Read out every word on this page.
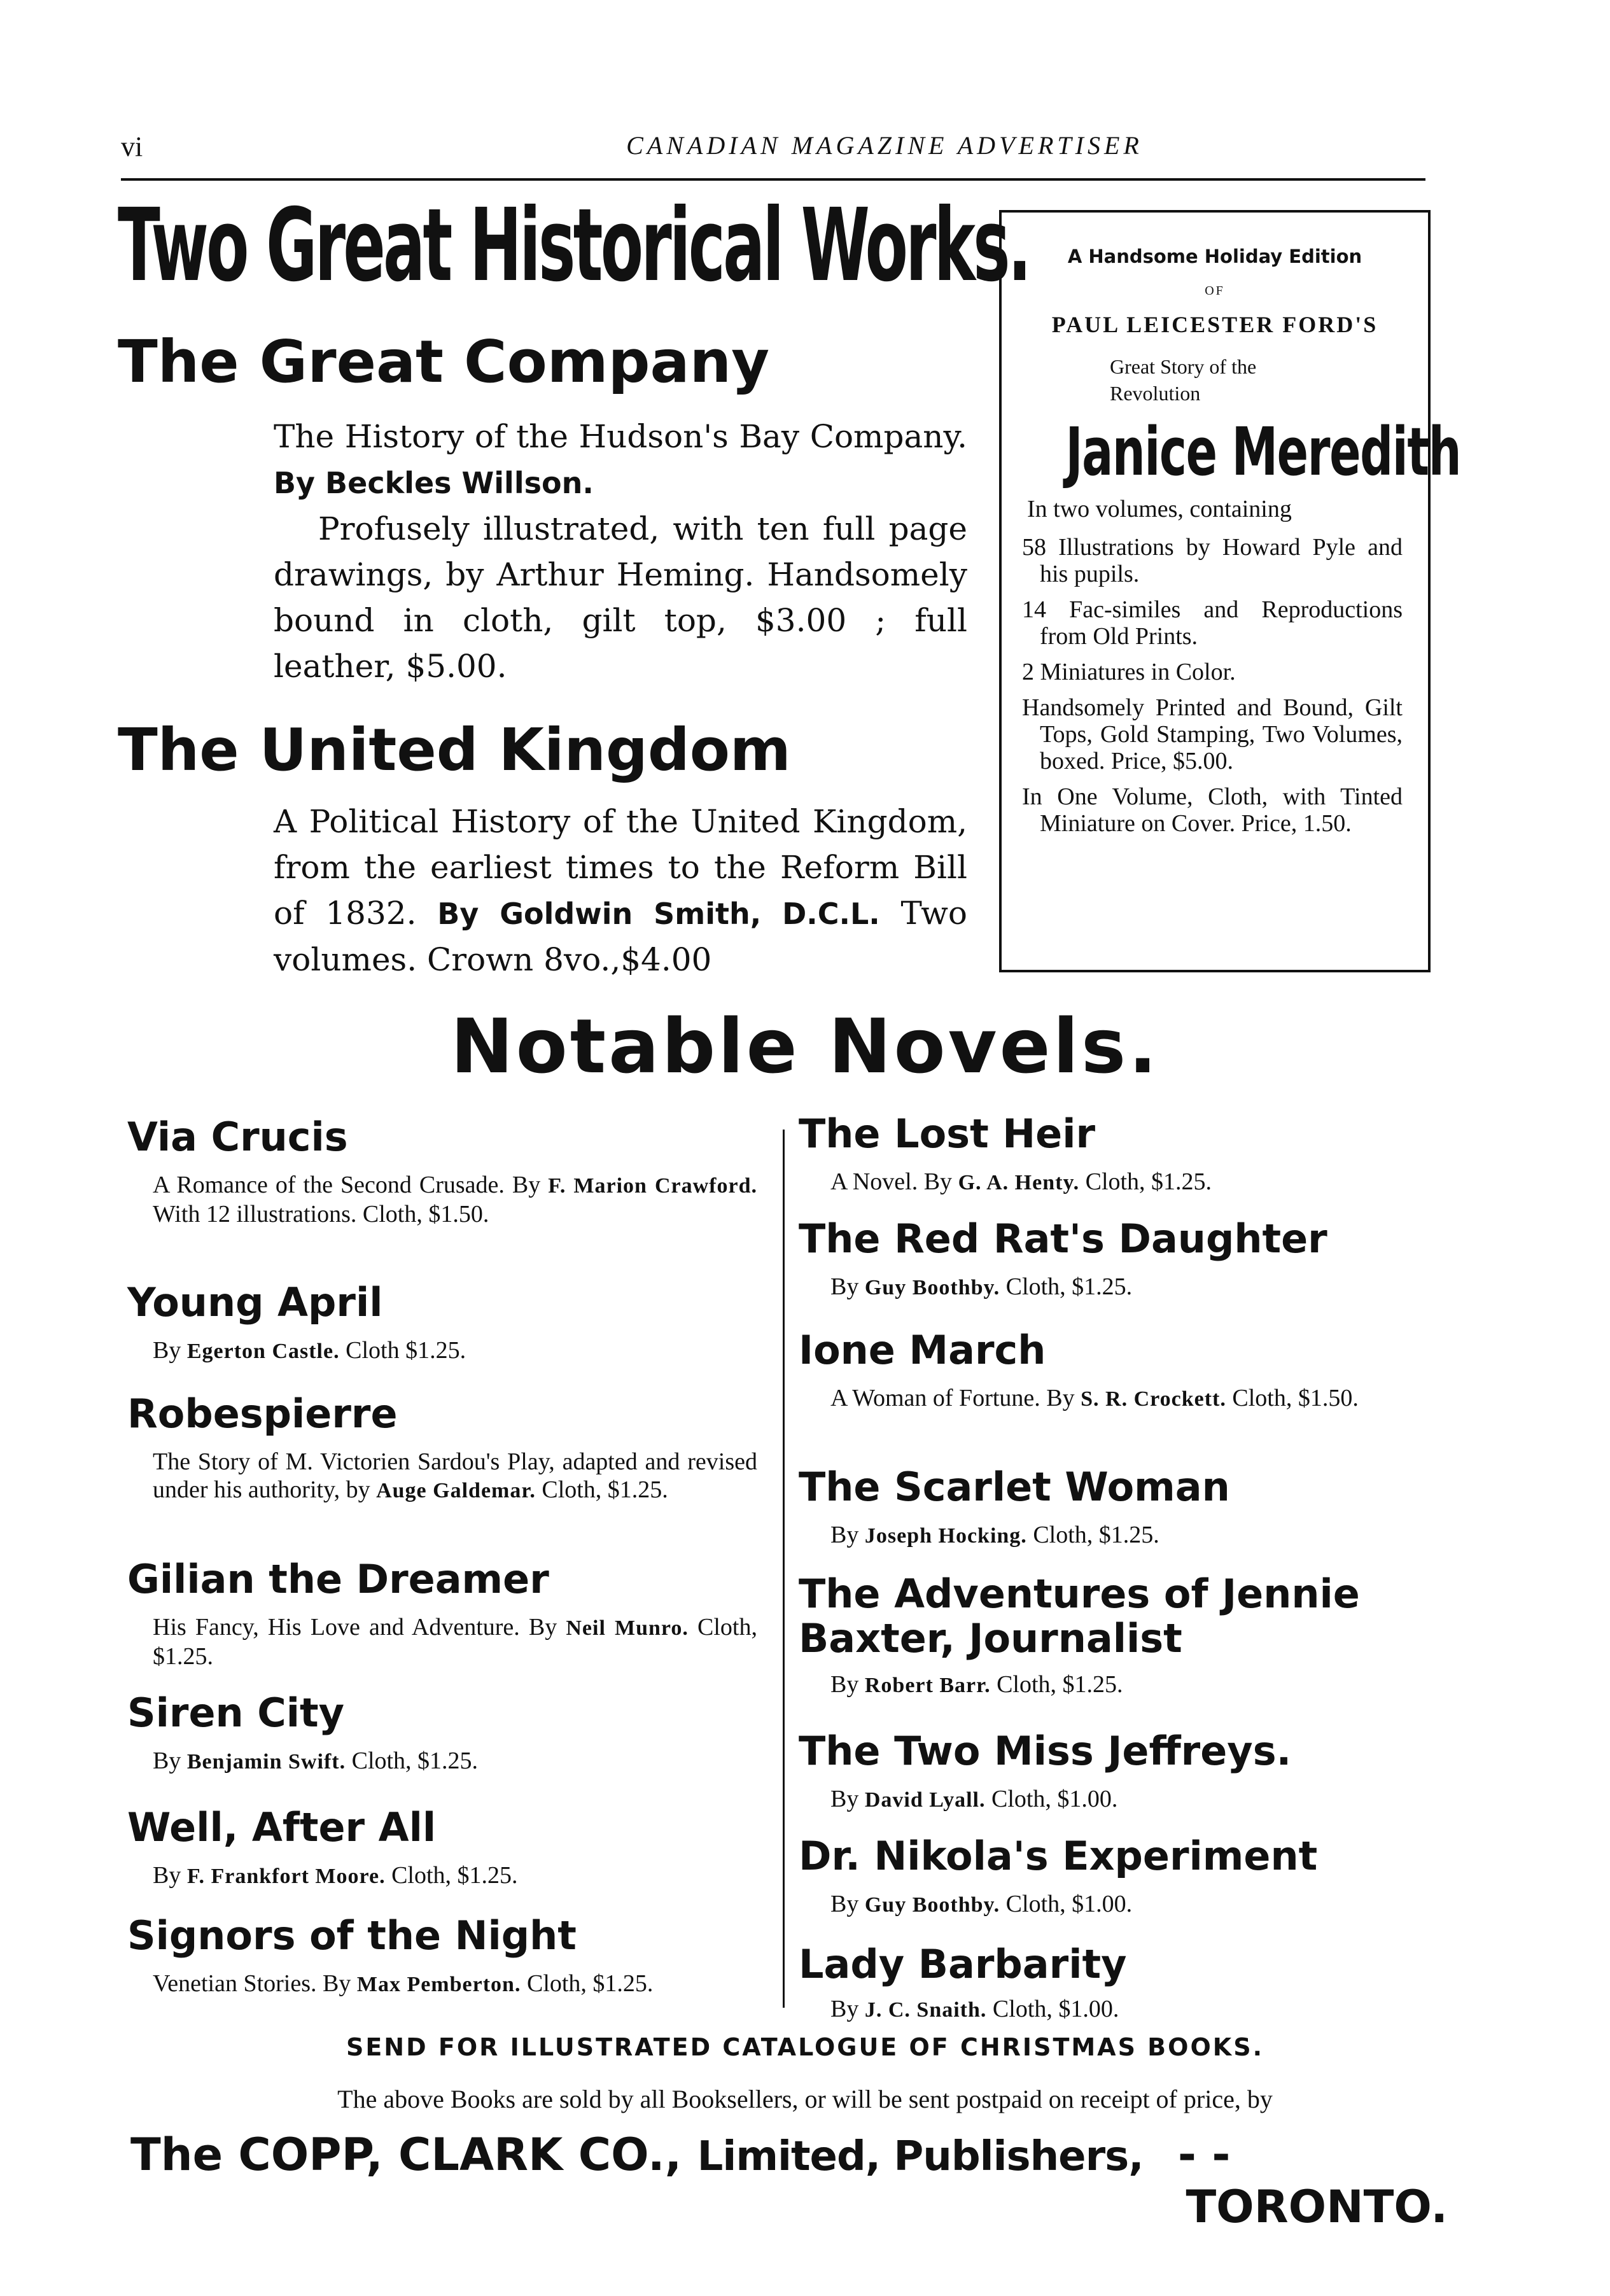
vi	CANADIAN MAGAZINE ADVERTISER
Two Great Historical Works.
The Great Company
The History of the Hudson's Bay Company. By Beckles Willson.
Profusely illustrated, with ten full page drawings, by Arthur Heming. Handsomely bound in cloth, gilt top, $3.00 ; full leather, $5.00.
The United Kingdom
A Political History of the United Kingdom, from the earliest times to the Reform Bill of 1832. By Goldwin Smith, D.C.L. Two volumes. Crown 8vo.,$4.00
A Handsome Holiday Edition
OF
PAUL LEICESTER FORD'S
Great Story of the
Revolution
Janice Meredith
In two volumes, containing
58 Illustrations by Howard Pyle and his pupils.
14 Fac-similes and Reproductions from Old Prints.
2 Miniatures in Color.
Handsomely Printed and Bound, Gilt Tops, Gold Stamping, Two Volumes, boxed. Price, $5.00.
In One Volume, Cloth, with Tinted Miniature on Cover. Price, 1.50.
Notable Novels.
Via Crucis
A Romance of the Second Crusade. By F. Marion Crawford. With 12 illustrations. Cloth, $1.50.
Young April
By Egerton Castle. Cloth $1.25.
Robespierre
The Story of M. Victorien Sardou's Play, adapted and revised under his authority, by Auge Galdemar. Cloth, $1.25.
Gilian the Dreamer
His Fancy, His Love and Adventure. By Neil Munro. Cloth, $1.25.
Siren City
By Benjamin Swift. Cloth, $1.25.
Well, After All
By F. Frankfort Moore. Cloth, $1.25.
Signors of the Night
Venetian Stories. By Max Pemberton. Cloth, $1.25.
The Lost Heir
A Novel. By G. A. Henty. Cloth, $1.25.
The Red Rat's Daughter
By Guy Boothby. Cloth, $1.25.
Ione March
A Woman of Fortune. By S. R. Crockett. Cloth, $1.50.
The Scarlet Woman
By Joseph Hocking. Cloth, $1.25.
The Adventures of Jennie Baxter, Journalist
By Robert Barr. Cloth, $1.25.
The Two Miss Jeffreys.
By David Lyall. Cloth, $1.00.
Dr. Nikola's Experiment
By Guy Boothby. Cloth, $1.00.
Lady Barbarity
By J. C. Snaith. Cloth, $1.00.
SEND FOR ILLUSTRATED CATALOGUE OF CHRISTMAS BOOKS.
The above Books are sold by all Booksellers, or will be sent postpaid on receipt of price, by
The COPP, CLARK CO., Limited, Publishers, - -
TORONTO.
